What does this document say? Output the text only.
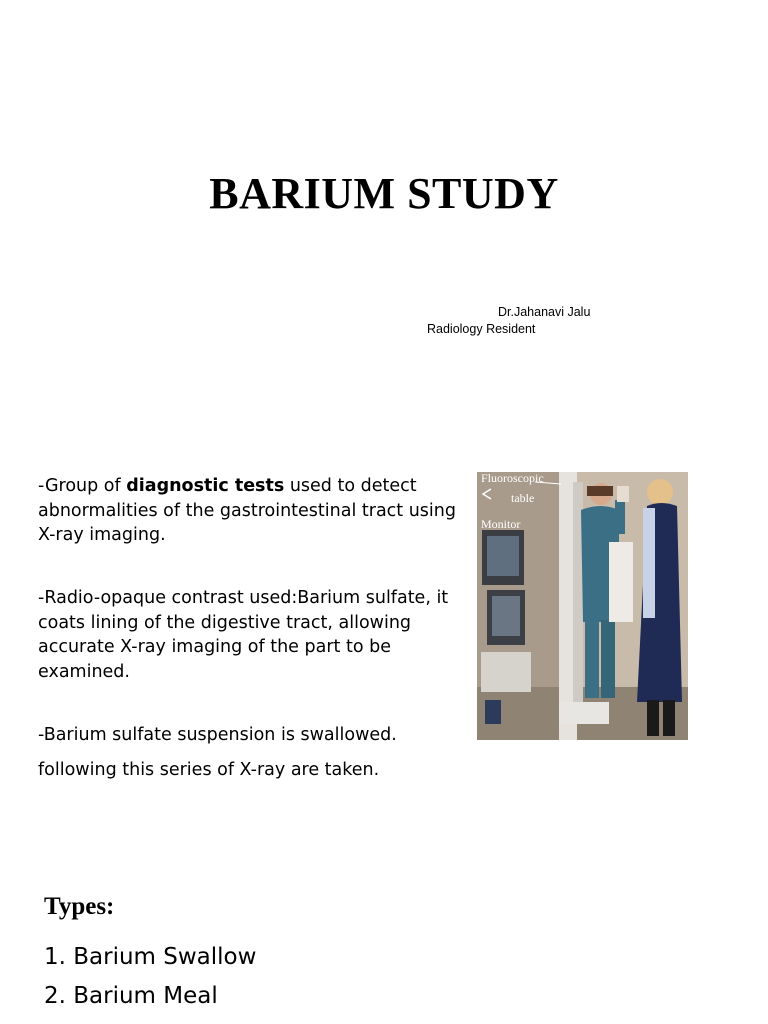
BARIUM STUDY
Dr.Jahanavi Jalu
Radiology Resident

-Group of diagnostic tests used to detect abnormalities of the gastrointestinal tract using X-ray imaging.

-Radio-opaque contrast used:Barium sulfate, it coats lining of the digestive tract, allowing accurate X-ray imaging of the part to be examined.

-Barium sulfate suspension is swallowed.

following this series of X-ray are taken.

Fluoroscopic
table
Monitor
Types:
1. Barium Swallow
2. Barium Meal
